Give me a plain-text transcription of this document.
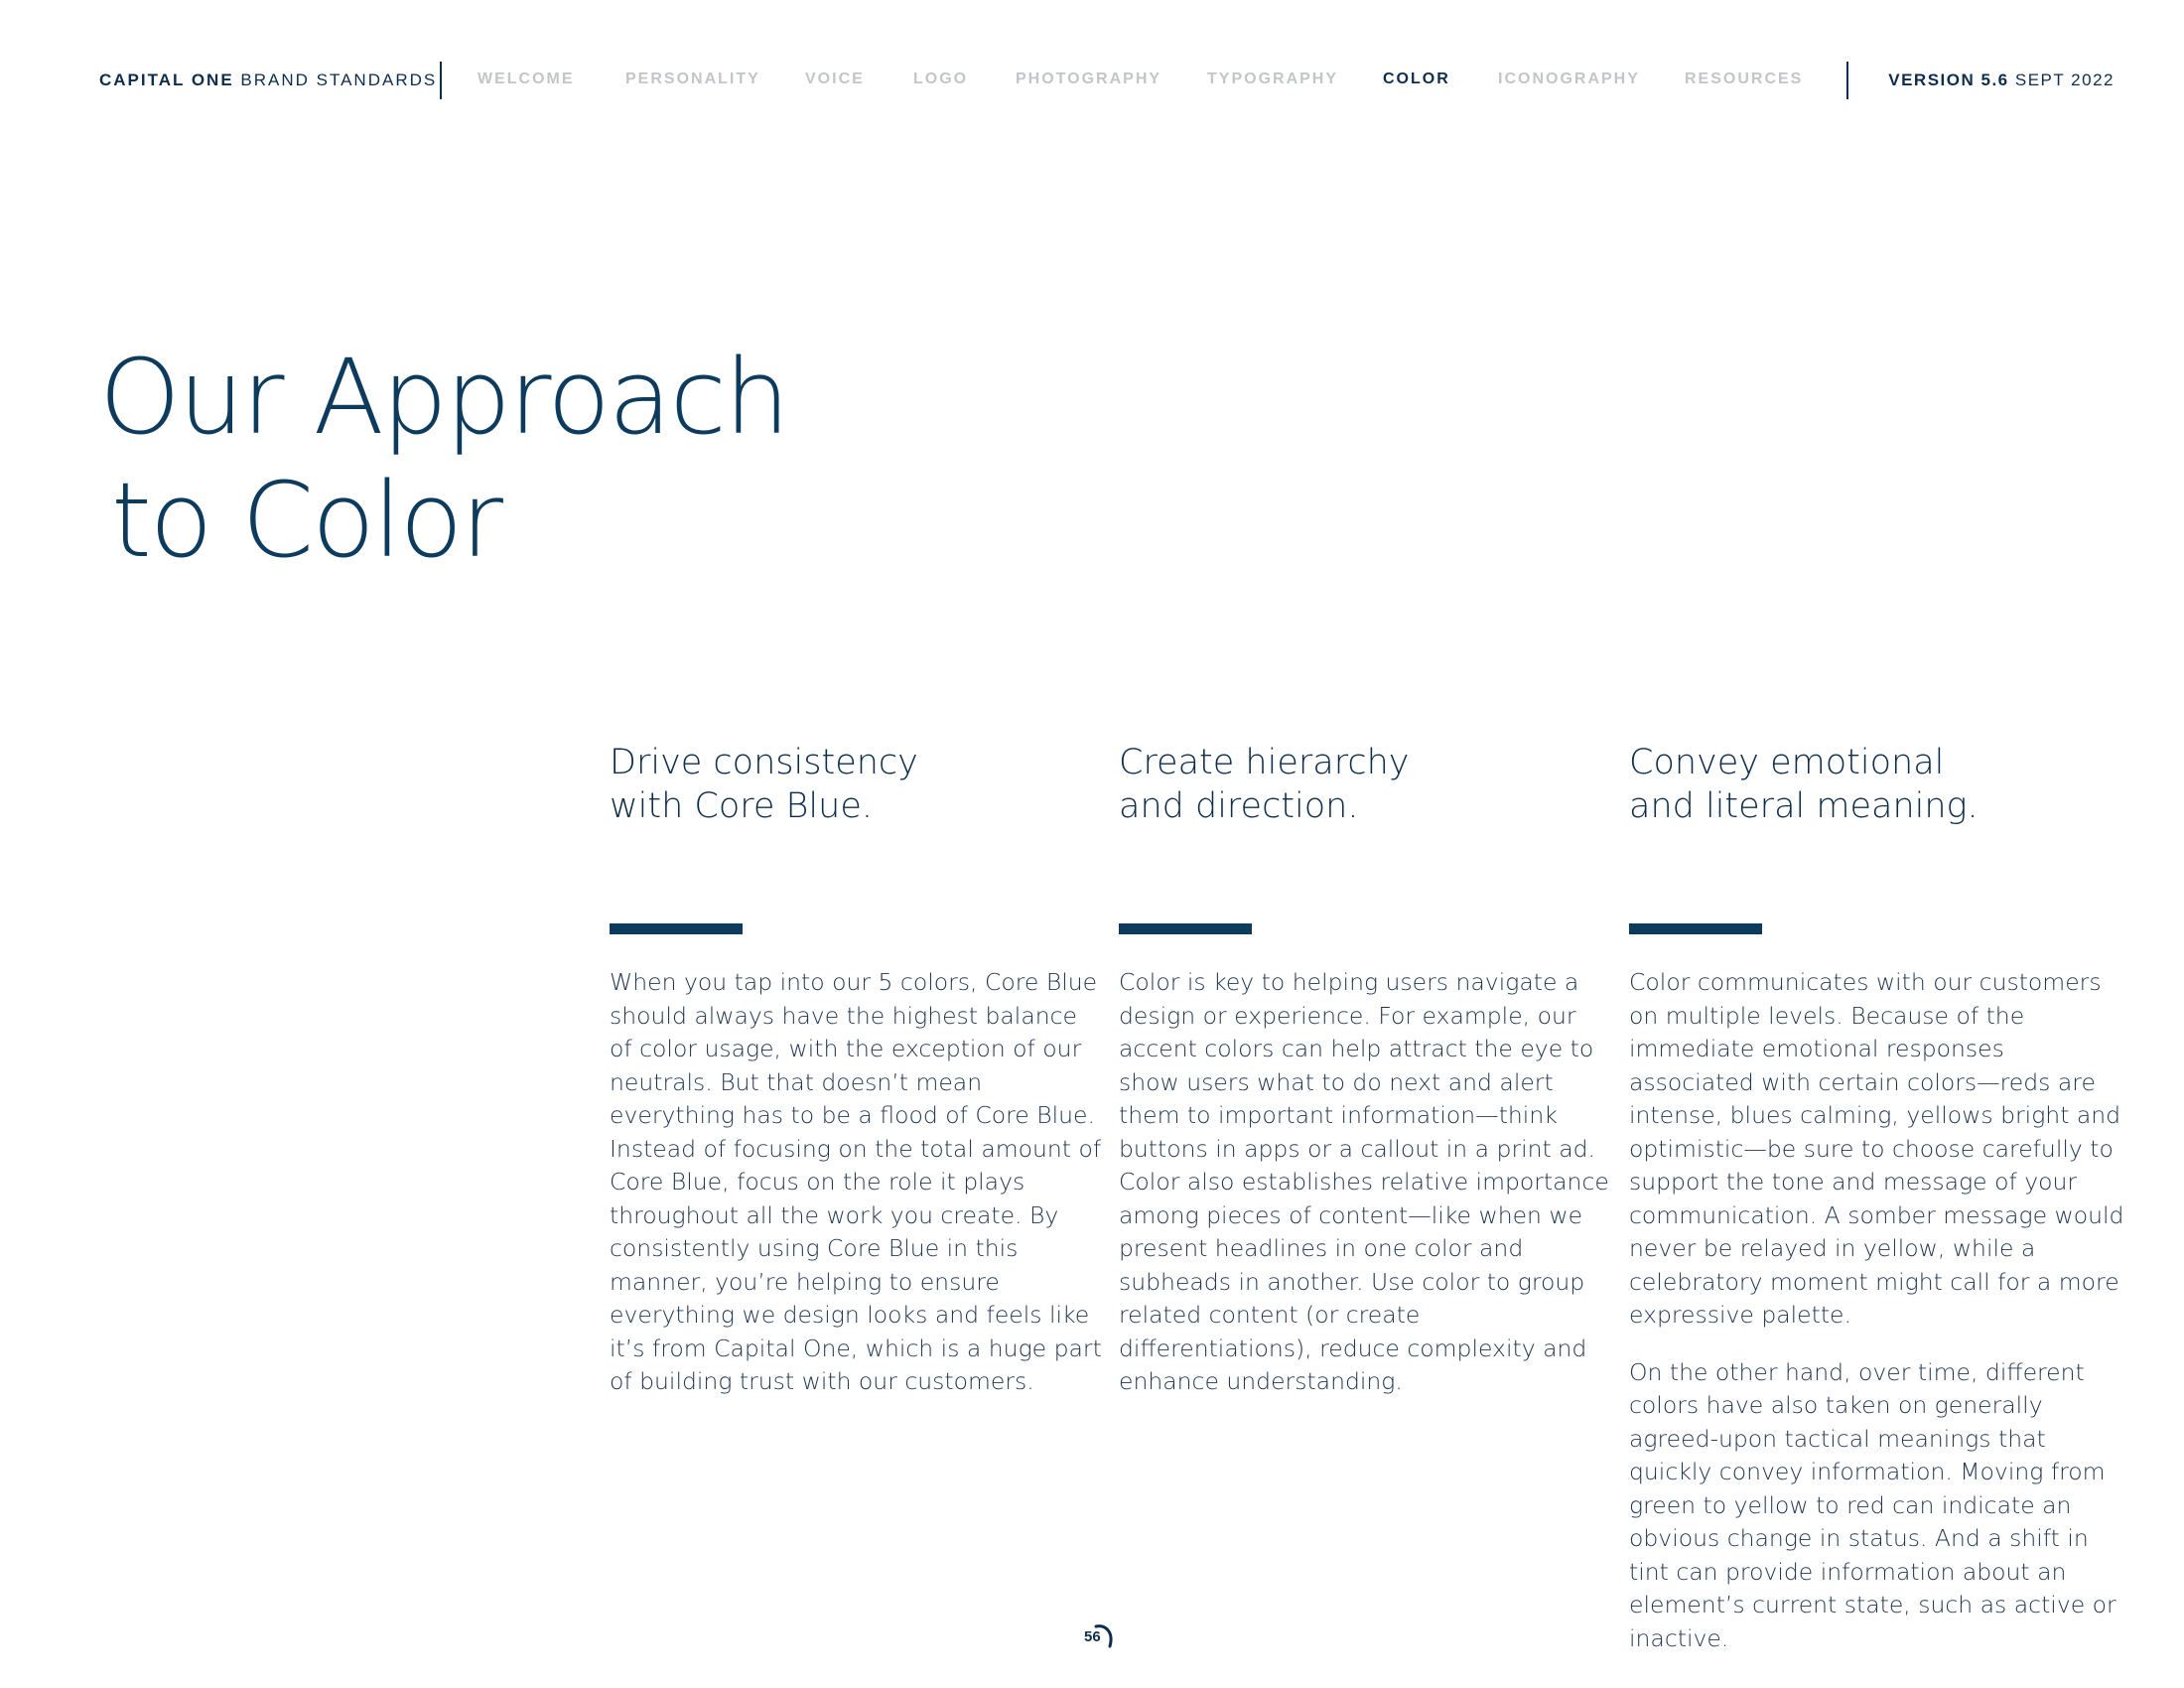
CAPITAL ONE BRAND STANDARDS	WELCOME	PERSONALITY	VOICE	LOGO	PHOTOGRAPHY	TYPOGRAPHY	COLOR	ICONOGRAPHY	RESOURCES	VERSION 5.6 SEPT 2022
Our Approach
to Color
Drive consistency
with Core Blue.

When you tap into our 5 colors, Core Blue should always have the highest balance of color usage, with the exception of our neutrals. But that doesn’t mean everything has to be a flood of Core Blue. Instead of focusing on the total amount of Core Blue, focus on the role it plays throughout all the work you create. By consistently using Core Blue in this manner, you’re helping to ensure everything we design looks and feels like it’s from Capital One, which is a huge part of building trust with our customers.

Create hierarchy
and direction.

Color is key to helping users navigate a design or experience. For example, our accent colors can help attract the eye to show users what to do next and alert them to important information—think buttons in apps or a callout in a print ad. Color also establishes relative importance among pieces of content—like when we present headlines in one color and subheads in another. Use color to group related content (or create differentiations), reduce complexity and enhance understanding.

Convey emotional
and literal meaning.

Color communicates with our customers on multiple levels. Because of the immediate emotional responses associated with certain colors—reds are intense, blues calming, yellows bright and optimistic—be sure to choose carefully to support the tone and message of your communication. A somber message would never be relayed in yellow, while a celebratory moment might call for a more expressive palette.

On the other hand, over time, different colors have also taken on generally agreed-upon tactical meanings that quickly convey information. Moving from green to yellow to red can indicate an obvious change in status. And a shift in tint can provide information about an element’s current state, such as active or inactive.

56
